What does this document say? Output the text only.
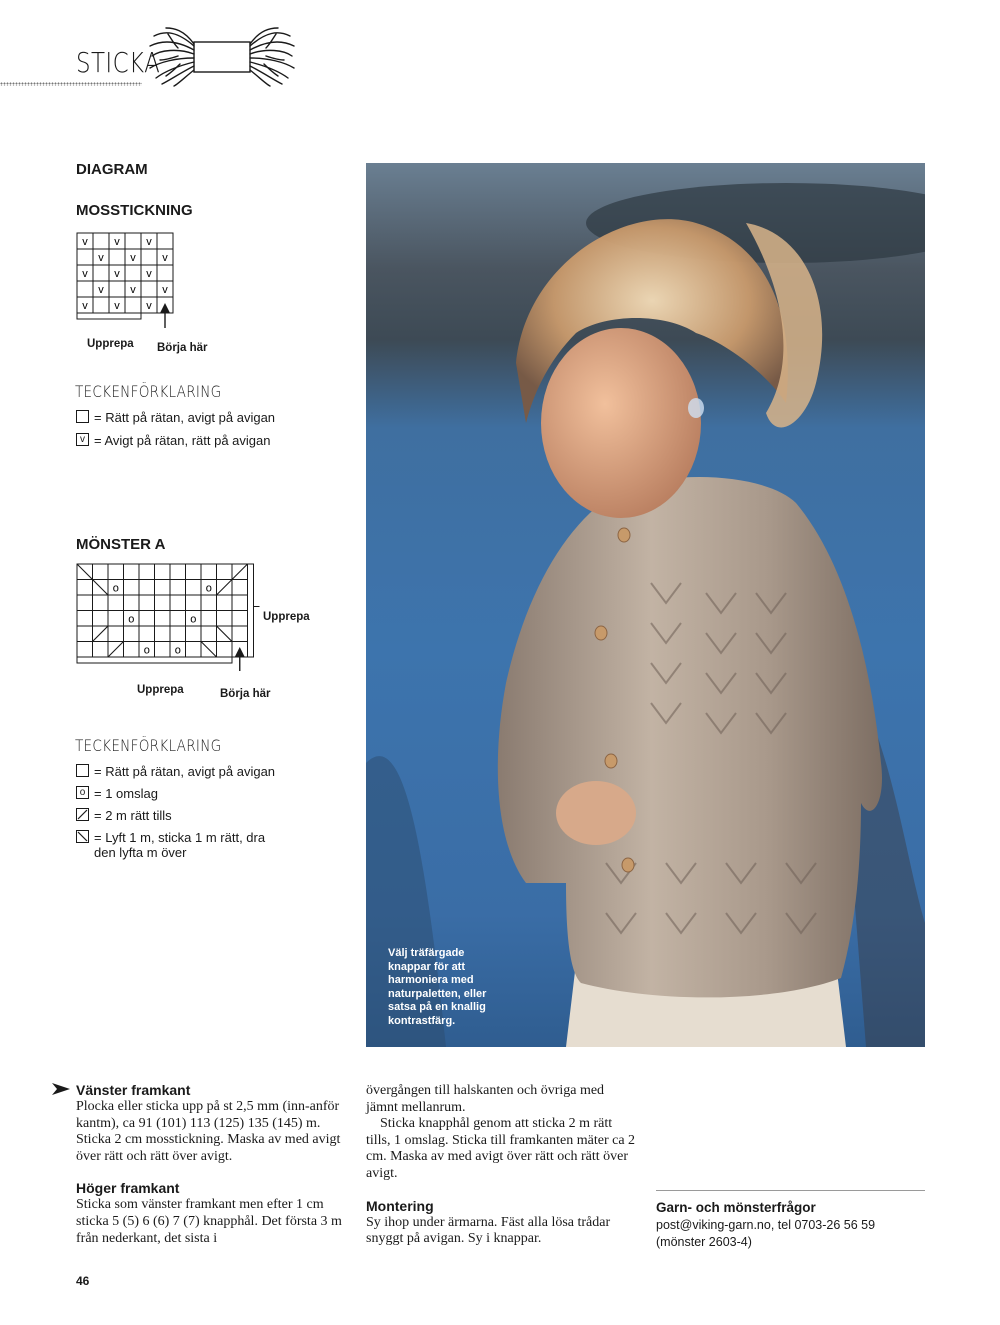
STICKA
DIAGRAM
MOSSTICKNING
v v v
v v v
v v v
v v v
v v v
Upprepa Börja här
TECKENFÖRKLARING
= Rätt på rätan, avigt på avigan
v = Avigt på rätan, rätt på avigan
MÖNSTER A
o	o
o	o
o o
Upprepa
Upprepa	Börja här
TECKENFÖRKLARING
= Rätt på rätan, avigt på avigan
o = 1 omslag
= 2 m rätt tills
= Lyft 1 m, sticka 1 m rätt, dra den lyfta m över
Välj träfärgade knappar för att harmoniera med naturpaletten, eller satsa på en knallig kontrastfärg.
Vänster framkant
Plocka eller sticka upp på st 2,5 mm (inn-anför kantm), ca 91 (101) 113 (125) 135 (145) m. Sticka 2 cm mosstickning. Maska av med avigt över rätt och rätt över avigt.
Höger framkant
Sticka som vänster framkant men efter 1 cm sticka 5 (5) 6 (6) 7 (7) knapphål. Det första 3 m från nederkant, det sista i
övergången till halskanten och övriga med jämnt mellanrum.
Sticka knapphål genom att sticka 2 m rätt tills, 1 omslag. Sticka till framkanten mäter ca 2 cm. Maska av med avigt över rätt och rätt över avigt.
Montering
Sy ihop under ärmarna. Fäst alla lösa trådar snyggt på avigan. Sy i knappar.
Garn- och mönsterfrågor
post@viking-garn.no, tel 0703-26 56 59
(mönster 2603-4)
46
